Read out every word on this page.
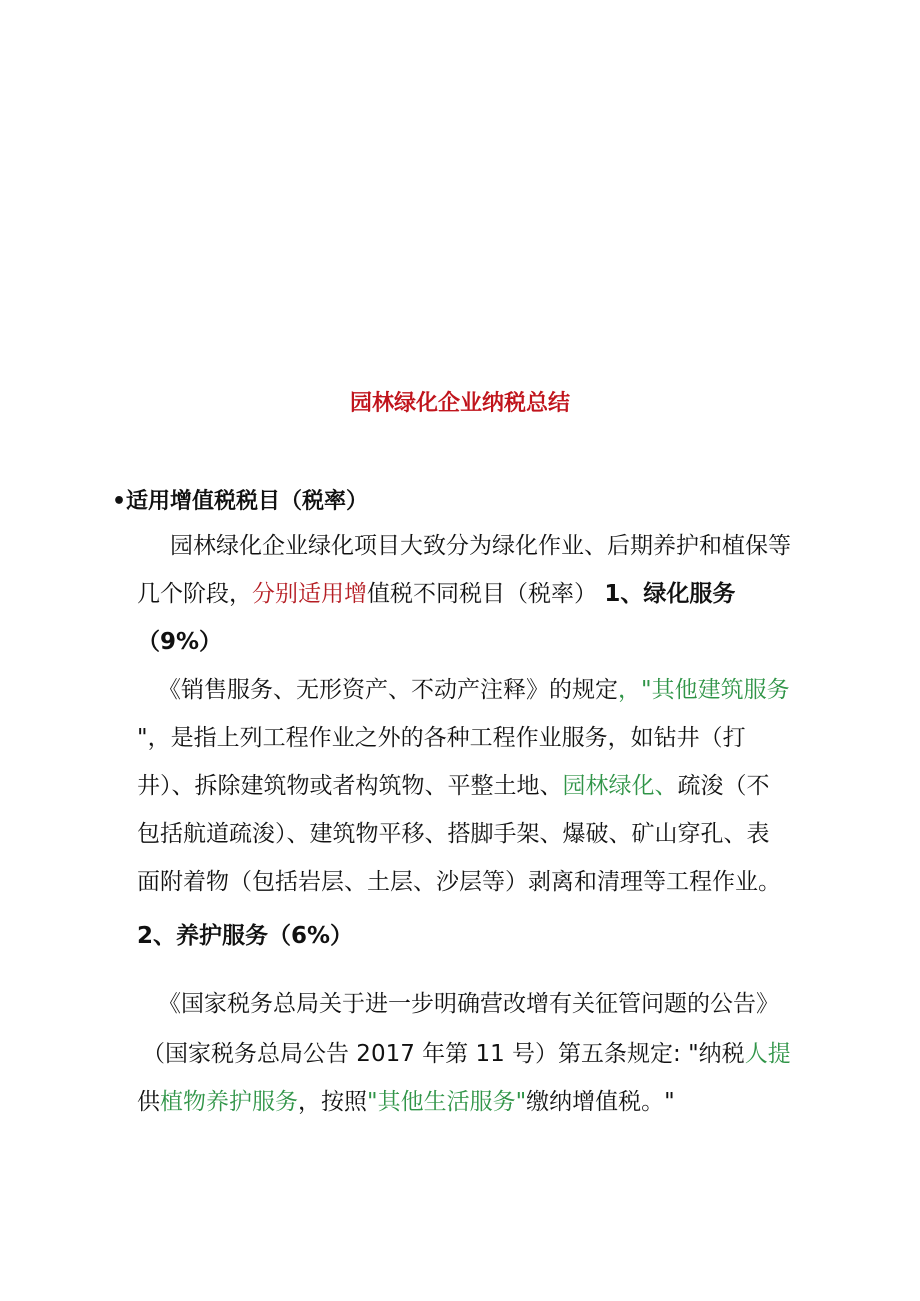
园林绿化企业纳税总结
•适用增值税税目（税率）
园林绿化企业绿化项目大致分为绿化作业、后期养护和植保等
几个阶段，分别适用增值税不同税目（税率） 1、绿化服务
（9%）
《销售服务、无形资产、不动产注释》的规定，"其他建筑服务
"，是指上列工程作业之外的各种工程作业服务，如钻井（打
井）、拆除建筑物或者构筑物、平整土地、园林绿化、疏浚（不
包括航道疏浚）、建筑物平移、搭脚手架、爆破、矿山穿孔、表
面附着物（包括岩层、土层、沙层等）剥离和清理等工程作业。
2、养护服务（6%）
《国家税务总局关于进一步明确营改增有关征管问题的公告》
（国家税务总局公告 2017 年第 11 号）第五条规定: "纳税人提
供植物养护服务，按照"其他生活服务"缴纳增值税。"
